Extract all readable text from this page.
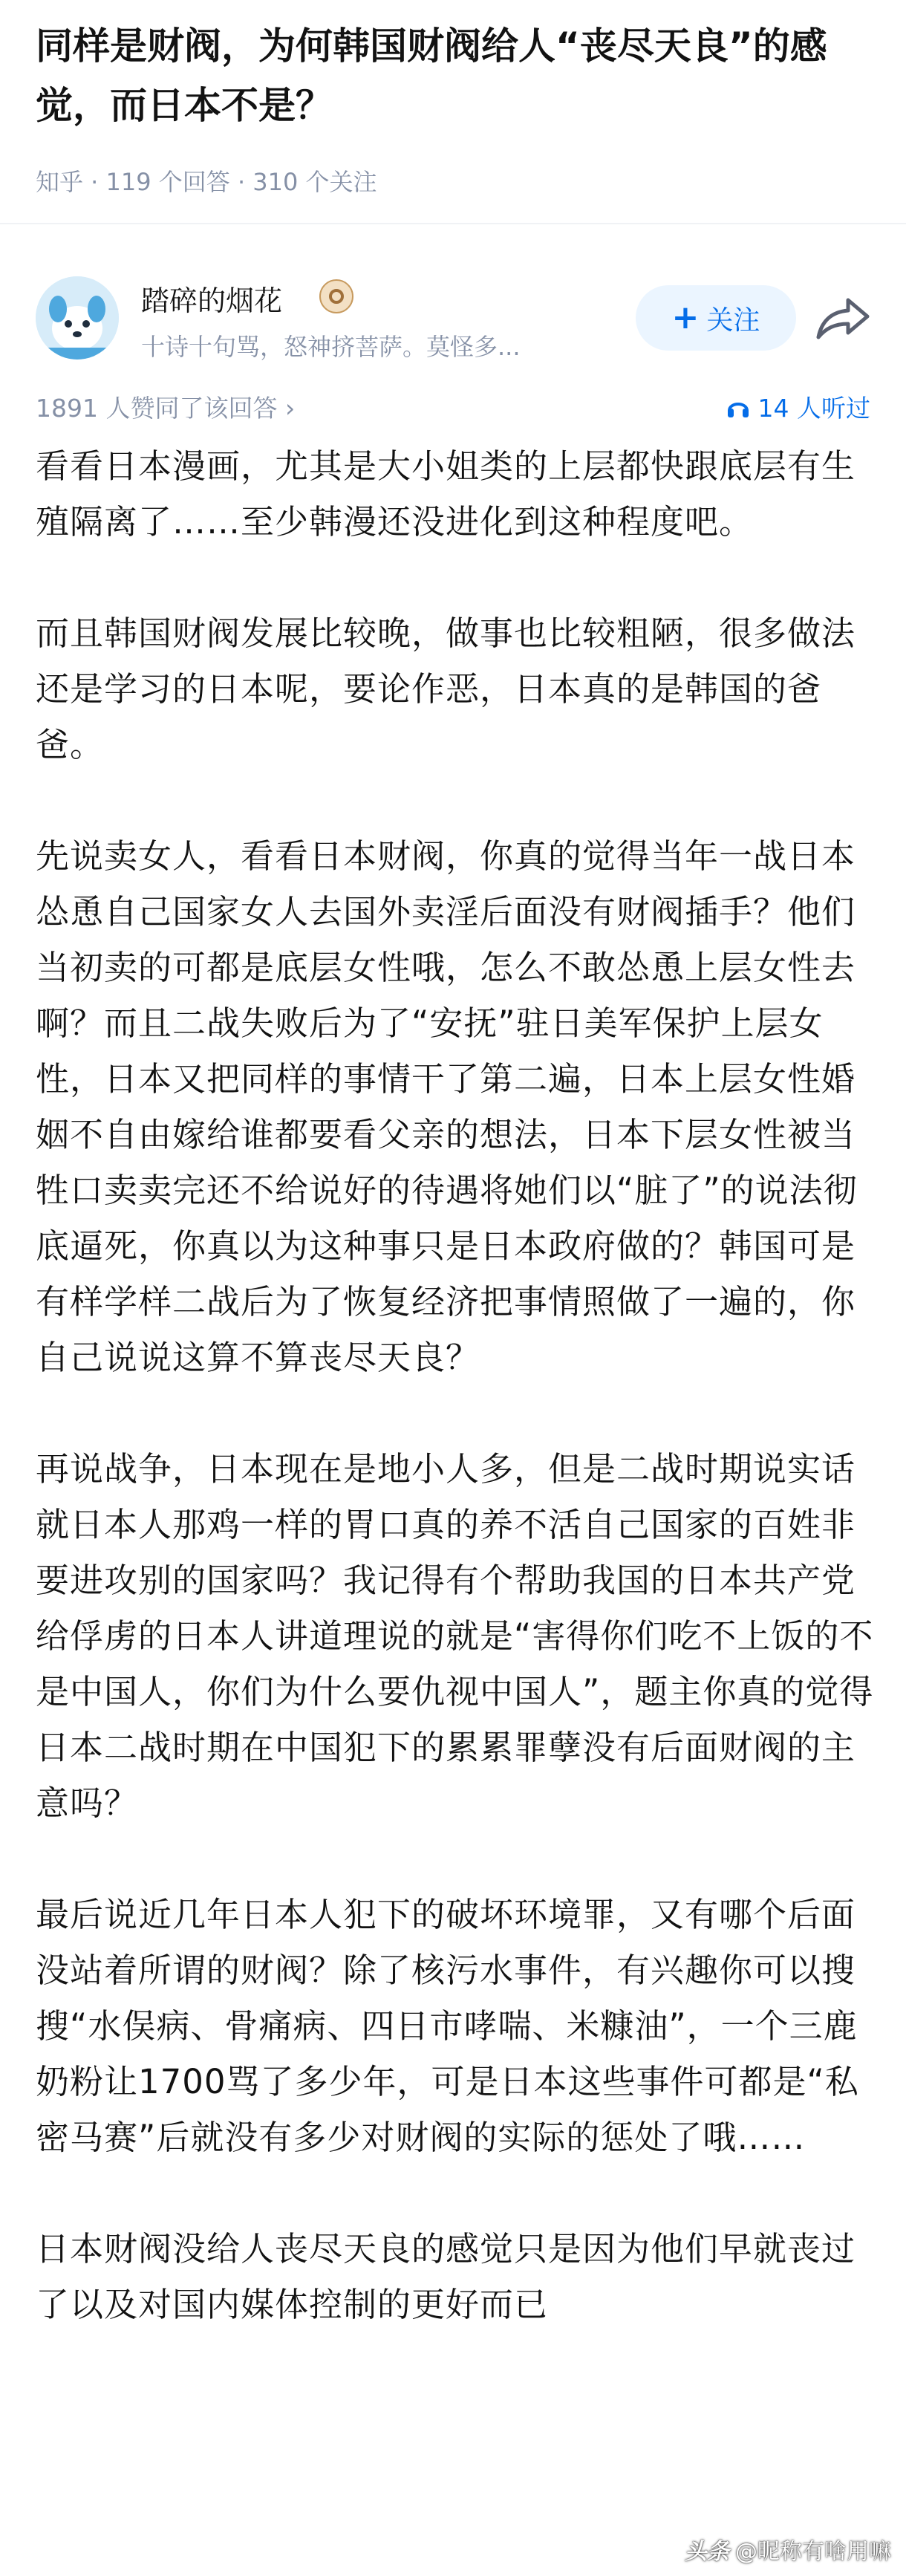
同样是财阀，为何韩国财阀给人“丧尽天良”的感觉，而日本不是？
知乎 · 119 个回答 · 310 个关注
踏碎的烟花
十诗十句骂，怒神挤菩萨。莫怪多...
+ 关注
1891 人赞同了该回答 ›	14 人听过

看看日本漫画，尤其是大小姐类的上层都快跟底层有生殖隔离了……至少韩漫还没进化到这种程度吧。

而且韩国财阀发展比较晚，做事也比较粗陋，很多做法还是学习的日本呢，要论作恶，日本真的是韩国的爸爸。

先说卖女人，看看日本财阀，你真的觉得当年一战日本怂恿自己国家女人去国外卖淫后面没有财阀插手？他们当初卖的可都是底层女性哦，怎么不敢怂恿上层女性去啊？而且二战失败后为了“安抚”驻日美军保护上层女性，日本又把同样的事情干了第二遍，日本上层女性婚姻不自由嫁给谁都要看父亲的想法，日本下层女性被当牲口卖卖完还不给说好的待遇将她们以“脏了”的说法彻底逼死，你真以为这种事只是日本政府做的？韩国可是有样学样二战后为了恢复经济把事情照做了一遍的，你自己说说这算不算丧尽天良？

再说战争，日本现在是地小人多，但是二战时期说实话就日本人那鸡一样的胃口真的养不活自己国家的百姓非要进攻别的国家吗？我记得有个帮助我国的日本共产党给俘虏的日本人讲道理说的就是“害得你们吃不上饭的不是中国人，你们为什么要仇视中国人”，题主你真的觉得日本二战时期在中国犯下的累累罪孽没有后面财阀的主意吗？

最后说近几年日本人犯下的破坏环境罪，又有哪个后面没站着所谓的财阀？除了核污水事件，有兴趣你可以搜搜“水俣病、骨痛病、四日市哮喘、米糠油”，一个三鹿奶粉让1700骂了多少年，可是日本这些事件可都是“私密马赛”后就没有多少对财阀的实际的惩处了哦……

日本财阀没给人丧尽天良的感觉只是因为他们早就丧过了以及对国内媒体控制的更好而已

头条 @昵称有啥用嘛
